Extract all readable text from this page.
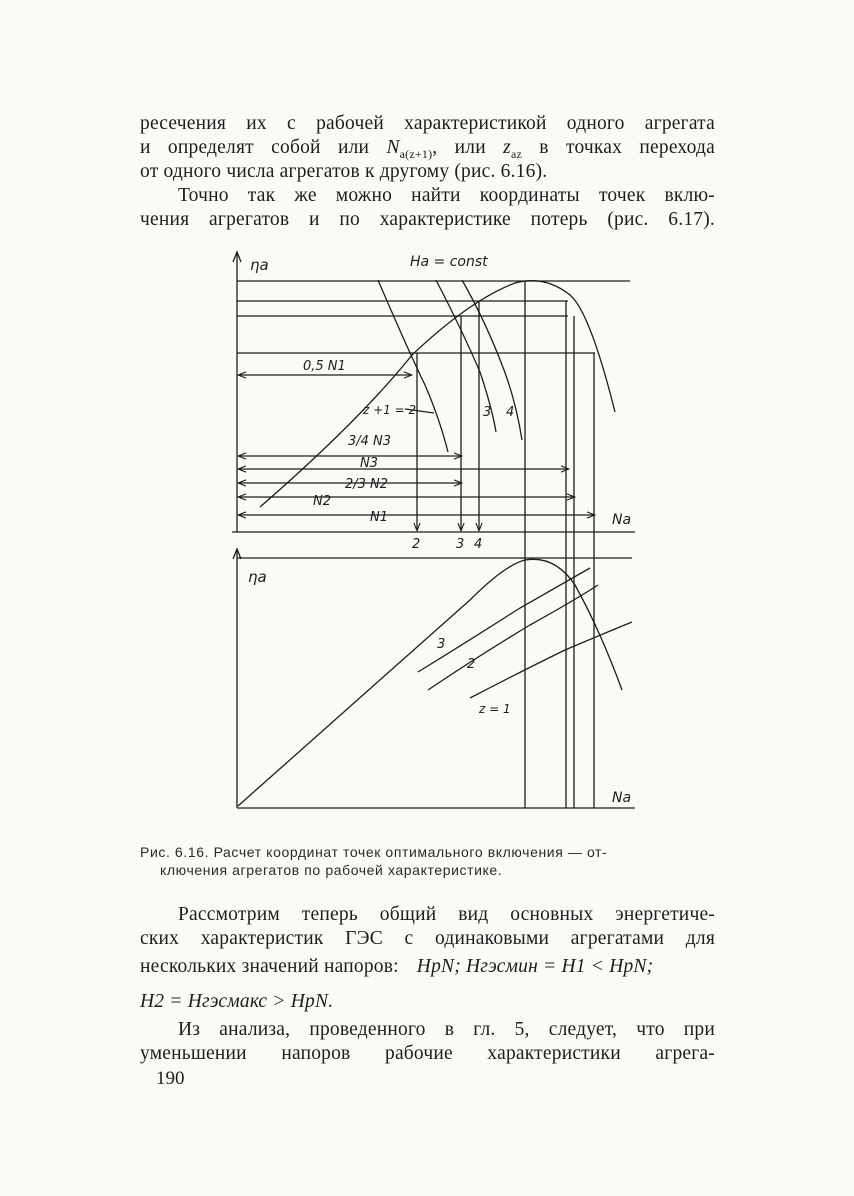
ресечения их с рабочей характеристикой одного агрегата
и определят собой или $N_{a(z+1)}$, или $z_{az}$ в точках перехода
от одного числа агрегатов к другому (рис. 6.16).
Точно так же можно найти координаты точек вклю-
чения агрегатов и по характеристике потерь (рис. 6.17).
ηa	Ha = const
0,5 N1
z +1 = 2	3 4
3/4 N3
N3
2/3 N2
N2
N1	Na
2	3 4
ηa
3
2
z = 1
Na
Рис. 6.16. Расчет координат точек оптимального включения — от-
ключения агрегатов по рабочей характеристике.
Рассмотрим теперь общий вид основных энергетиче-
ских характеристик ГЭС с одинаковыми агрегатами для
нескольких значений напоров: HрN; Hгэсмин = H1 < HрN;
H2 = Hгэсмакс > HрN.
Из анализа, проведенного в гл. 5, следует, что при
уменьшении напоров рабочие характеристики агрега-
190
